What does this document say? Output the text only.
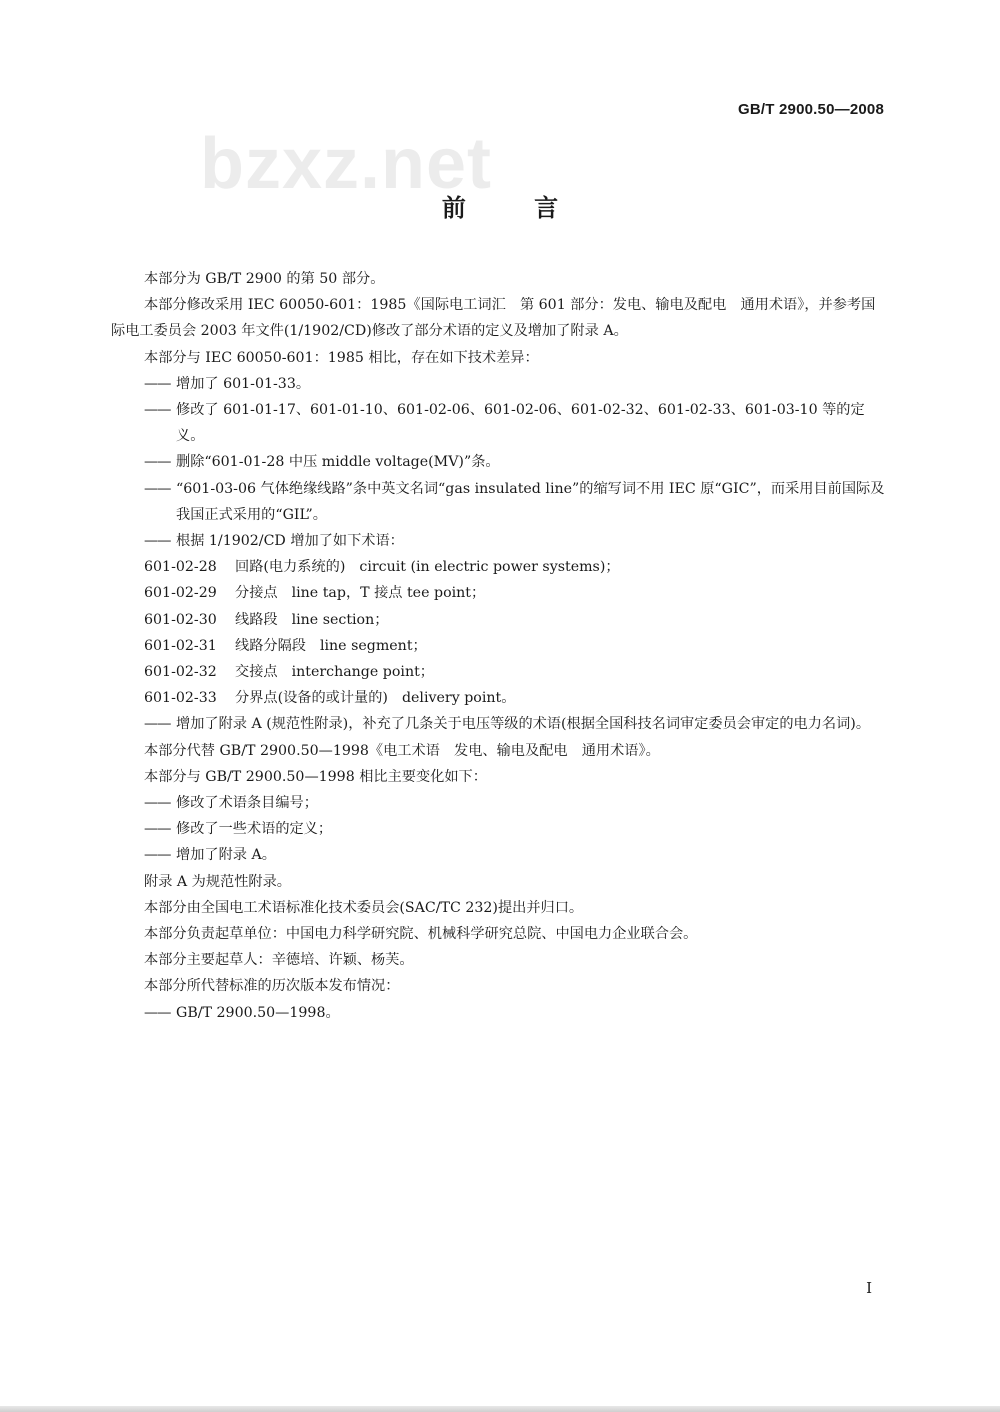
GB/T 2900.50—2008
bzxz.net
前 言

本部分为 GB/T 2900 的第 50 部分。

本部分修改采用 IEC 60050-601：1985《国际电工词汇　第 601 部分：发电、输电及配电　通用术语》，并参考国际电工委员会 2003 年文件(1/1902/CD)修改了部分术语的定义及增加了附录 A。

本部分与 IEC 60050-601：1985 相比，存在如下技术差异：

—— 增加了 601-01-33。
—— 修改了 601-01-17、601-01-10、601-02-06、601-02-06、601-02-32、601-02-33、601-03-10 等的定义。
—— 删除“601-01-28 中压 middle voltage(MV)”条。
—— “601-03-06 气体绝缘线路”条中英文名词“gas insulated line”的缩写词不用 IEC 原“GIC”，而采用目前国际及我国正式采用的“GIL”。
—— 根据 1/1902/CD 增加了如下术语：
601-02-28	回路(电力系统的) circuit (in electric power systems)；
601-02-29	分接点 line tap，T 接点 tee point；
601-02-30	线路段 line section；
601-02-31	线路分隔段 line segment；
601-02-32	交接点 interchange point；
601-02-33	分界点(设备的或计量的) delivery point。
—— 增加了附录 A (规范性附录)，补充了几条关于电压等级的术语(根据全国科技名词审定委员会审定的电力名词)。

本部分代替 GB/T 2900.50—1998《电工术语　发电、输电及配电　通用术语》。

本部分与 GB/T 2900.50—1998 相比主要变化如下：

—— 修改了术语条目编号；
—— 修改了一些术语的定义；
—— 增加了附录 A。

附录 A 为规范性附录。

本部分由全国电工术语标准化技术委员会(SAC/TC 232)提出并归口。

本部分负责起草单位：中国电力科学研究院、机械科学研究总院、中国电力企业联合会。

本部分主要起草人：辛德培、许颖、杨芙。

本部分所代替标准的历次版本发布情况：

—— GB/T 2900.50—1998。
I
